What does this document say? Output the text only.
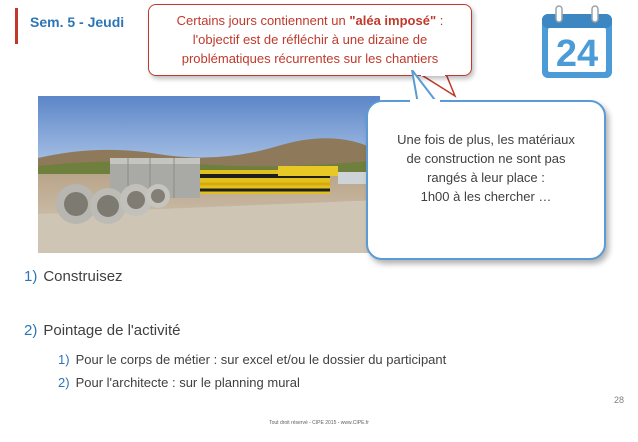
Sem. 5 - Jeudi	Certains jours contiennent un "aléa imposé" :
l'objectif est de réfléchir à une dizaine de
problématiques récurrentes sur les chantiers	24
Une fois de plus, les matériaux
de construction ne sont pas
rangés à leur place :
1h00 à les chercher …
1) Construisez
2) Pointage de l'activité
1) Pour le corps de métier : sur excel et/ou le dossier du participant
2) Pour l'architecte : sur le planning mural
28
Tout droit réservé - CIPE 2015 - www.CIPE.fr
